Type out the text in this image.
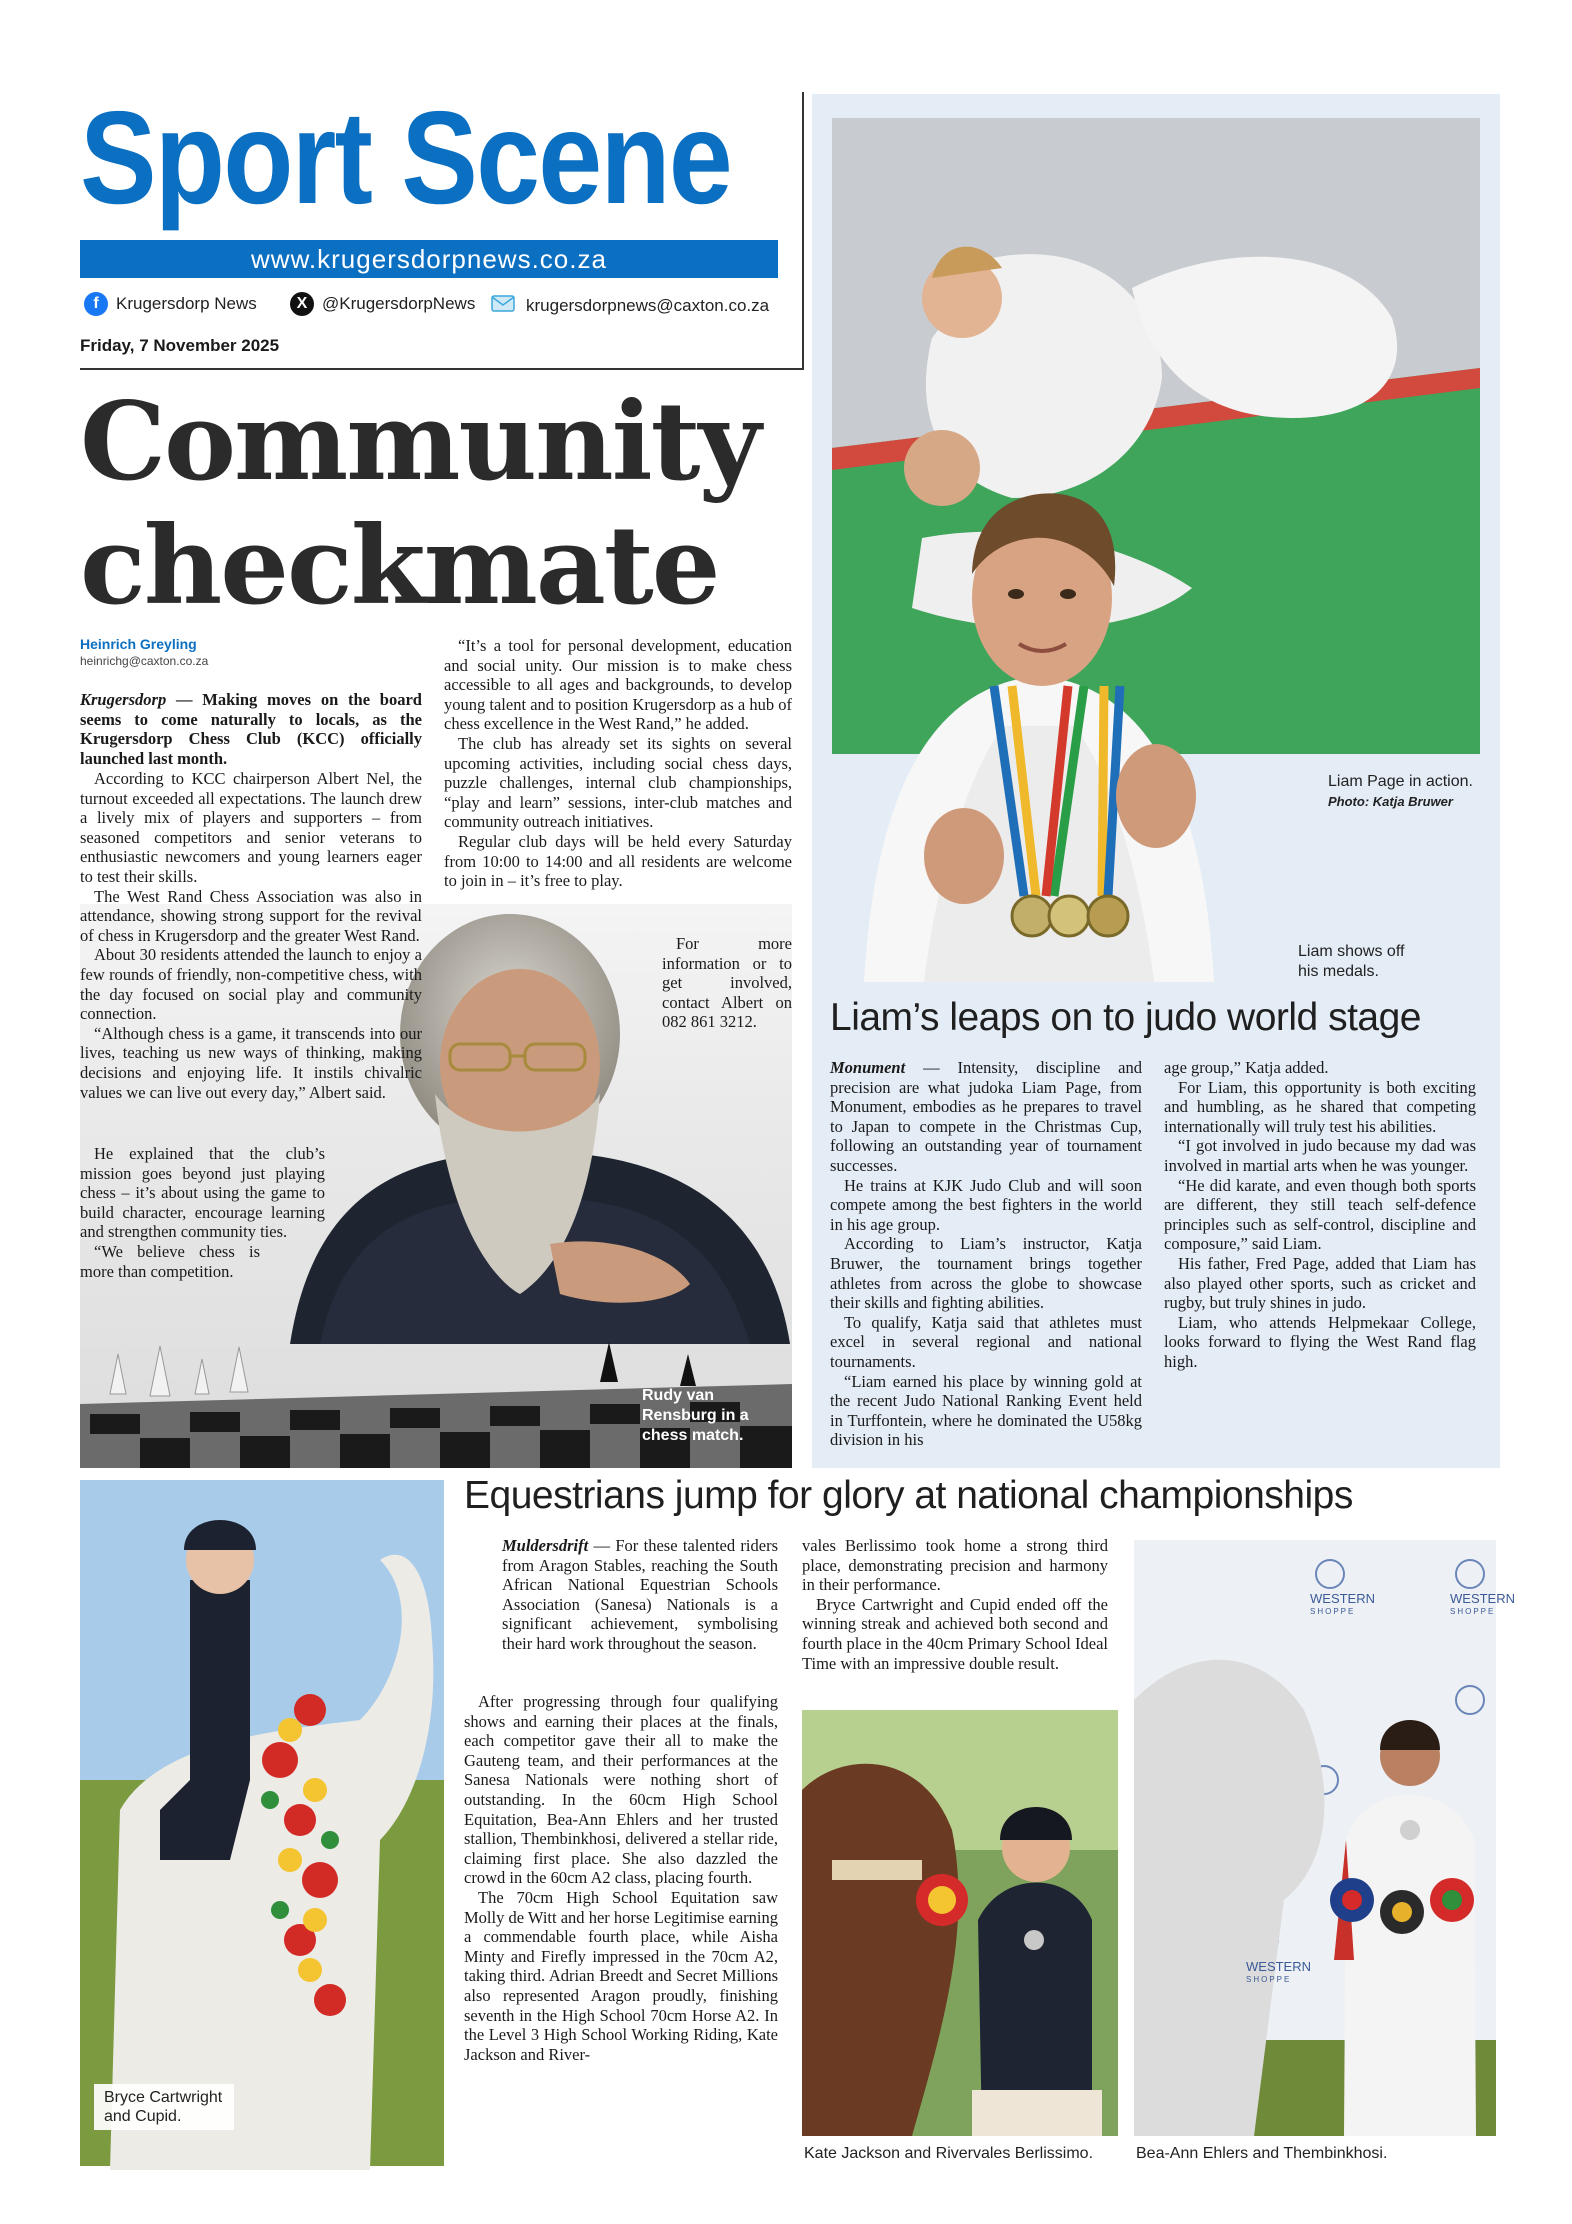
Sport Scene
www.krugersdorpnews.co.za
f	Krugersdorp News	X @KrugersdorpNews	krugersdorpnews@caxton.co.za
Friday, 7 November 2025
Community
checkmate
Heinrich Greyling
heinrichg@caxton.co.za
Rudy van Rensburg in a chess match.

Krugersdorp — Making moves on the board seems to come naturally to locals, as the Krugersdorp Chess Club (KCC) officially launched last month.

According to KCC chairperson Albert Nel, the turnout exceeded all expectations. The launch drew a lively mix of players and supporters – from seasoned competitors and senior veterans to enthusiastic newcomers and young learners eager to test their skills.

The West Rand Chess Association was also in attendance, showing strong support for the revival of chess in Krugersdorp and the greater West Rand.

About 30 residents attended the launch to enjoy a few rounds of friendly, non-competitive chess, with the day focused on social play and community connection.

“Although chess is a game, it transcends into our lives, teaching us new ways of thinking, making decisions and enjoying life. It instils chivalric values we can live out every day,” Albert said.

He explained that the club’s mission goes beyond just playing chess – it’s about using the game to build character, encourage learning and strengthen community ties.

“We believe chess is more than competition.

“It’s a tool for personal development, education and social unity. Our mission is to make chess accessible to all ages and backgrounds, to develop young talent and to position Krugersdorp as a hub of chess excellence in the West Rand,” he added.

The club has already set its sights on several upcoming activities, including social chess days, puzzle challenges, internal club championships, “play and learn” sessions, inter-club matches and community outreach initiatives.

Regular club days will be held every Saturday from 10:00 to 14:00 and all residents are welcome to join in – it’s free to play.

For more information or to get involved, contact Albert on 082 861 3212.

Liam Page in action.
Photo: Katja Bruwer
Liam shows off his medals.
Liam’s leaps on to judo world stage

Monument — Intensity, discipline and precision are what judoka Liam Page, from Monument, embodies as he prepares to travel to Japan to compete in the Christmas Cup, following an outstanding year of tournament successes.

He trains at KJK Judo Club and will soon compete among the best fighters in the world in his age group.

According to Liam’s instructor, Katja Bruwer, the tournament brings together athletes from across the globe to showcase their skills and fighting abilities.

To qualify, Katja said that athletes must excel in several regional and national tournaments.

“Liam earned his place by winning gold at the recent Judo National Ranking Event held in Turffontein, where he dominated the U58kg division in his

age group,” Katja added.

For Liam, this opportunity is both exciting and humbling, as he shared that competing internationally will truly test his abilities.

“I got involved in judo because my dad was involved in martial arts when he was younger.

“He did karate, and even though both sports are different, they still teach self-defence principles such as self-control, discipline and composure,” said Liam.

His father, Fred Page, added that Liam has also played other sports, such as cricket and rugby, but truly shines in judo.

Liam, who attends Helpmekaar College, looks forward to flying the West Rand flag high.

Bryce Cartwright and Cupid.
Equestrians jump for glory at national championships

Muldersdrift — For these talented riders from Aragon Stables, reaching the South African National Equestrian Schools Association (Sanesa) Nationals is a significant achievement, symbolising their hard work throughout the season.

After progressing through four qualifying shows and earning their places at the finals, each competitor gave their all to make the Gauteng team, and their performances at the Sanesa Nationals were nothing short of outstanding. In the 60cm High School Equitation, Bea-Ann Ehlers and her trusted stallion, Thembinkhosi, delivered a stellar ride, claiming first place. She also dazzled the crowd in the 60cm A2 class, placing fourth.

The 70cm High School Equitation saw Molly de Witt and her horse Legitimise earning a commendable fourth place, while Aisha Minty and Firefly impressed in the 70cm A2, taking third. Adrian Breedt and Secret Millions also represented Aragon proudly, finishing seventh in the High School 70cm Horse A2. In the Level 3 High School Working Riding, Kate Jackson and River-

vales Berlissimo took home a strong third place, demonstrating precision and harmony in their performance.

Bryce Cartwright and Cupid ended off the winning streak and achieved both second and fourth place in the 40cm Primary School Ideal Time with an impressive double result.

Kate Jackson and Rivervales Berlissimo.
WESTERN
SHOPPE
WESTERN
SHOPPE
WESTERN
SHOPPE
Bea-Ann Ehlers and Thembinkhosi.
